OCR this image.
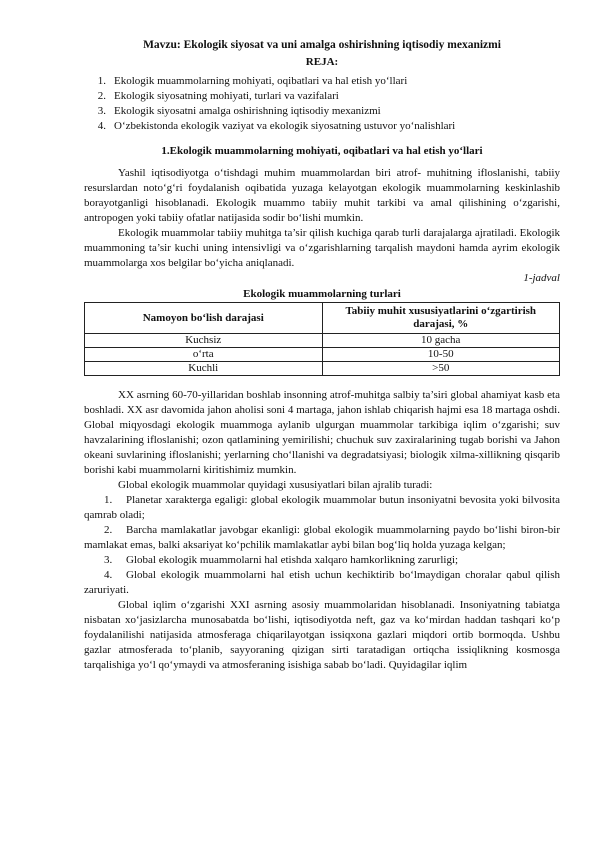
Mavzu: Ekologik siyosat va uni amalga oshirishning iqtisodiy mexanizmi
REJA:
1. Ekologik muammolarning mohiyati, oqibatlari va hal etish yo‘llari
2. Ekologik siyosatning mohiyati, turlari va vazifalari
3. Ekologik siyosatni amalga oshirishning iqtisodiy mexanizmi
4. O‘zbekistonda ekologik vaziyat va ekologik siyosatning ustuvor yo‘nalishlari
1.Ekologik muammolarning mohiyati, oqibatlari va hal etish yo‘llari

Yashil iqtisodiyotga o‘tishdagi muhim muammolardan biri atrof- muhitning ifloslanishi, tabiiy resurslardan noto‘g‘ri foydalanish oqibatida yuzaga kelayotgan ekologik muammolarning keskinlashib borayotganligi hisoblanadi. Ekologik muammo tabiiy muhit tarkibi va amal qilishining o‘zgarishi, antropogen yoki tabiiy ofatlar natijasida sodir bo‘lishi mumkin.

Ekologik muammolar tabiiy muhitga ta’sir qilish kuchiga qarab turli darajalarga ajratiladi. Ekologik muammoning ta’sir kuchi uning intensivligi va o‘zgarishlarning tarqalish maydoni hamda ayrim ekologik muammolarga xos belgilar bo‘yicha aniqlanadi.

1-jadval

Ekologik muammolarning turlari

Namoyon bo‘lish darajasi	Tabiiy muhit xususiyatlarini o‘zgartirish darajasi, %
Kuchsiz	10 gacha
o‘rta	10-50
Kuchli	>50

XX asrning 60-70-yillaridan boshlab insonning atrof-muhitga salbiy ta’siri global ahamiyat kasb eta boshladi. XX asr davomida jahon aholisi soni 4 martaga, jahon ishlab chiqarish hajmi esa 18 martaga oshdi. Global miqyosdagi ekologik muammoga aylanib ulgurgan muammolar tarkibiga iqlim o‘zgarishi; suv havzalarining ifloslanishi; ozon qatlamining yemirilishi; chuchuk suv zaxiralarining tugab borishi va Jahon okeani suvlarining ifloslanishi; yerlarning cho‘llanishi va degradatsiyasi; biologik xilma-xillikning qisqarib borishi kabi muammolarni kiritishimiz mumkin.

Global ekologik muammolar quyidagi xususiyatlari bilan ajralib turadi:

1. Planetar xarakterga egaligi: global ekologik muammolar butun insoniyatni bevosita yoki bilvosita qamrab oladi;

2. Barcha mamlakatlar javobgar ekanligi: global ekologik muammolarning paydo bo‘lishi biron-bir mamlakat emas, balki aksariyat ko‘pchilik mamlakatlar aybi bilan bog‘liq holda yuzaga kelgan;

3. Global ekologik muammolarni hal etishda xalqaro hamkorlikning zarurligi;

4. Global ekologik muammolarni hal etish uchun kechiktirib bo‘lmaydigan choralar qabul qilish zaruriyati.

Global iqlim o‘zgarishi XXI asrning asosiy muammolaridan hisoblanadi. Insoniyatning tabiatga nisbatan xo‘jasizlarcha munosabatda bo‘lishi, iqtisodiyotda neft, gaz va ko‘mirdan haddan tashqari ko‘p foydalanilishi natijasida atmosferaga chiqarilayotgan issiqxona gazlari miqdori ortib bormoqda. Ushbu gazlar atmosferada to‘planib, sayyoraning qizigan sirti taratadigan ortiqcha issiqlikning kosmosga tarqalishiga yo‘l qo‘ymaydi va atmosferaning isishiga sabab bo‘ladi. Quyidagilar iqlim
